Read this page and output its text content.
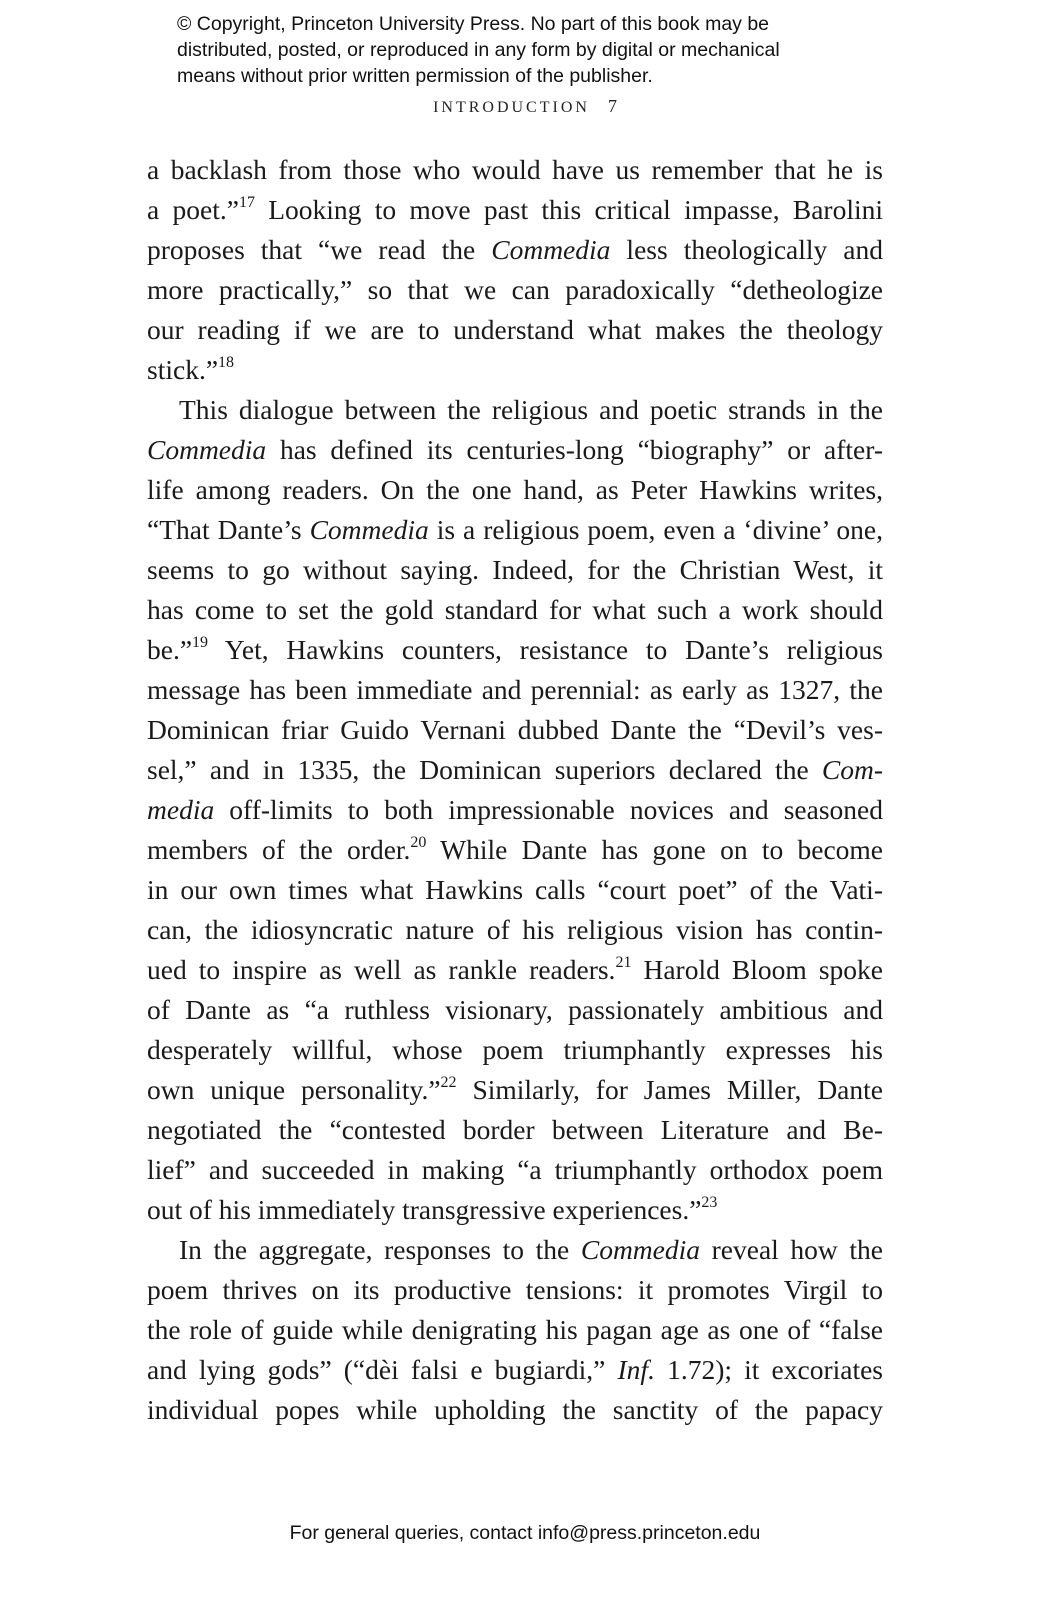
© Copyright, Princeton University Press. No part of this book may be
distributed, posted, or reproduced in any form by digital or mechanical
means without prior written permission of the publisher.
INTRODUCTION 7
a backlash from those who would have us remember that he is
a poet.”$^{17}$ Looking to move past this critical impasse, Barolini
proposes that “we read the Commedia less theologically and
more practically,” so that we can paradoxically “detheologize
our reading if we are to understand what makes the theology
stick.”$^{18}$
This dialogue between the religious and poetic strands in the
Commedia has defined its centuries-long “biography” or after-
life among readers. On the one hand, as Peter Hawkins writes,
“That Dante’s Commedia is a religious poem, even a ‘divine’ one,
seems to go without saying. Indeed, for the Christian West, it
has come to set the gold standard for what such a work should
be.”$^{19}$ Yet, Hawkins counters, resistance to Dante’s religious
message has been immediate and perennial: as early as 1327, the
Dominican friar Guido Vernani dubbed Dante the “Devil’s ves-
sel,” and in 1335, the Dominican superiors declared the Com-
media off-limits to both impressionable novices and seasoned
members of the order.$^{20}$ While Dante has gone on to become
in our own times what Hawkins calls “court poet” of the Vati-
can, the idiosyncratic nature of his religious vision has contin-
ued to inspire as well as rankle readers.$^{21}$ Harold Bloom spoke
of Dante as “a ruthless visionary, passionately ambitious and
desperately willful, whose poem triumphantly expresses his
own unique personality.”$^{22}$ Similarly, for James Miller, Dante
negotiated the “contested border between Literature and Be-
lief” and succeeded in making “a triumphantly orthodox poem
out of his immediately transgressive experiences.”$^{23}$
In the aggregate, responses to the Commedia reveal how the
poem thrives on its productive tensions: it promotes Virgil to
the role of guide while denigrating his pagan age as one of “false
and lying gods” (“dèi falsi e bugiardi,” Inf. 1.72); it excoriates
individual popes while upholding the sanctity of the papacy
For general queries, contact info@press.princeton.edu
